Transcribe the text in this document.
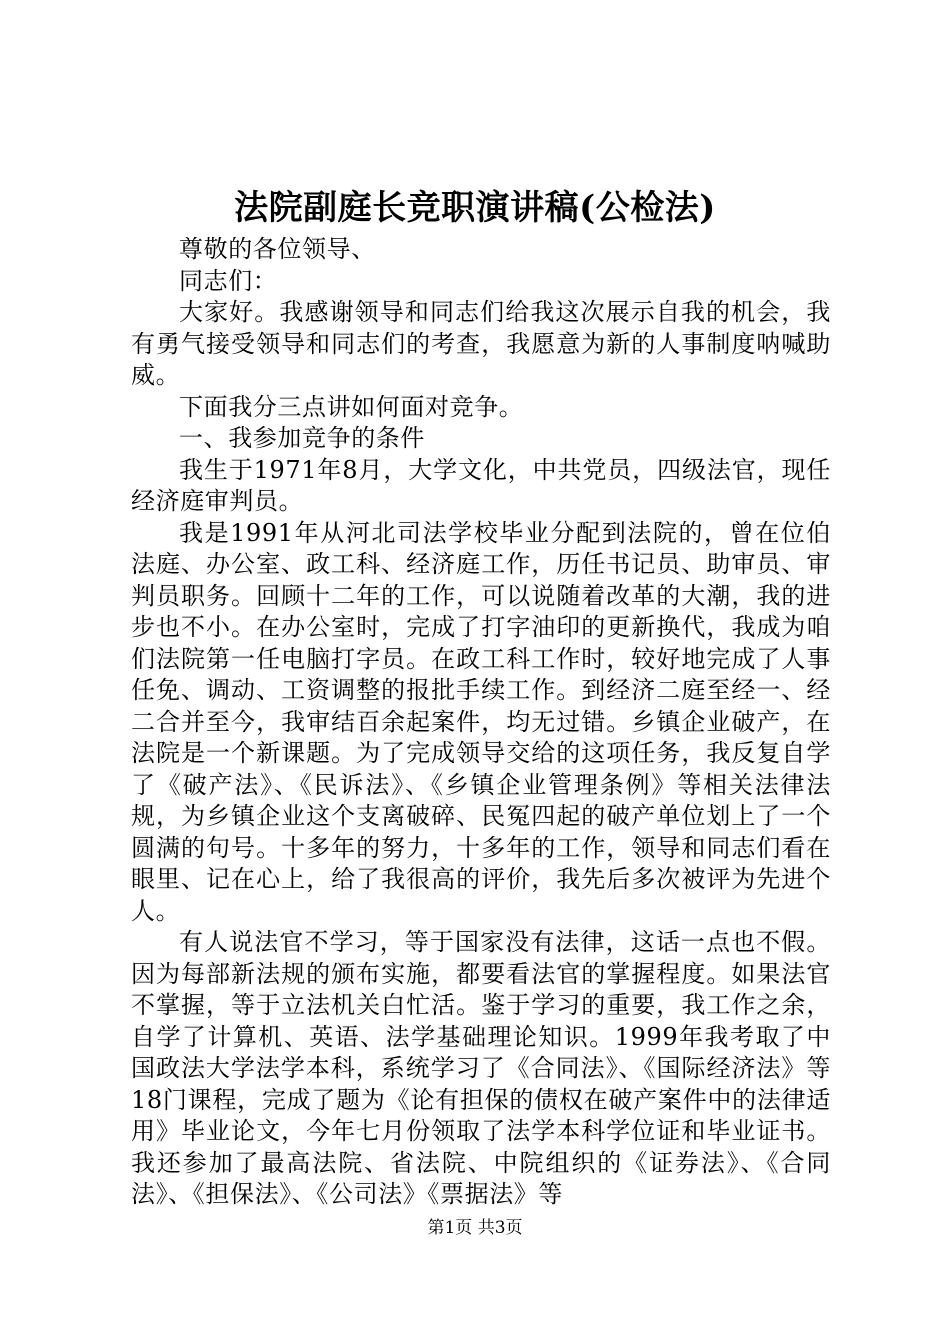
法院副庭长竞职演讲稿(公检法)

尊敬的各位领导、

同志们：

大家好。我感谢领导和同志们给我这次展示自我的机会，我有勇气接受领导和同志们的考查，我愿意为新的人事制度呐喊助威。

下面我分三点讲如何面对竞争。

一、我参加竞争的条件

我生于1971年8月，大学文化，中共党员，四级法官，现任经济庭审判员。

我是1991年从河北司法学校毕业分配到法院的，曾在位伯法庭、办公室、政工科、经济庭工作，历任书记员、助审员、审判员职务。回顾十二年的工作，可以说随着改革的大潮，我的进步也不小。在办公室时，完成了打字油印的更新换代，我成为咱们法院第一任电脑打字员。在政工科工作时，较好地完成了人事任免、调动、工资调整的报批手续工作。到经济二庭至经一、经二合并至今，我审结百余起案件，均无过错。乡镇企业破产，在法院是一个新课题。为了完成领导交给的这项任务，我反复自学了《破产法》、《民诉法》、《乡镇企业管理条例》等相关法律法规，为乡镇企业这个支离破碎、民冤四起的破产单位划上了一个圆满的句号。十多年的努力，十多年的工作，领导和同志们看在眼里、记在心上，给了我很高的评价，我先后多次被评为先进个人。

有人说法官不学习，等于国家没有法律，这话一点也不假。因为每部新法规的颁布实施，都要看法官的掌握程度。如果法官不掌握，等于立法机关白忙活。鉴于学习的重要，我工作之余，自学了计算机、英语、法学基础理论知识。1999年我考取了中国政法大学法学本科，系统学习了《合同法》、《国际经济法》等18门课程，完成了题为《论有担保的债权在破产案件中的法律适用》毕业论文，今年七月份领取了法学本科学位证和毕业证书。我还参加了最高法院、省法院、中院组织的《证券法》、《合同法》、《担保法》、《公司法》《票据法》等

第1页 共3页
